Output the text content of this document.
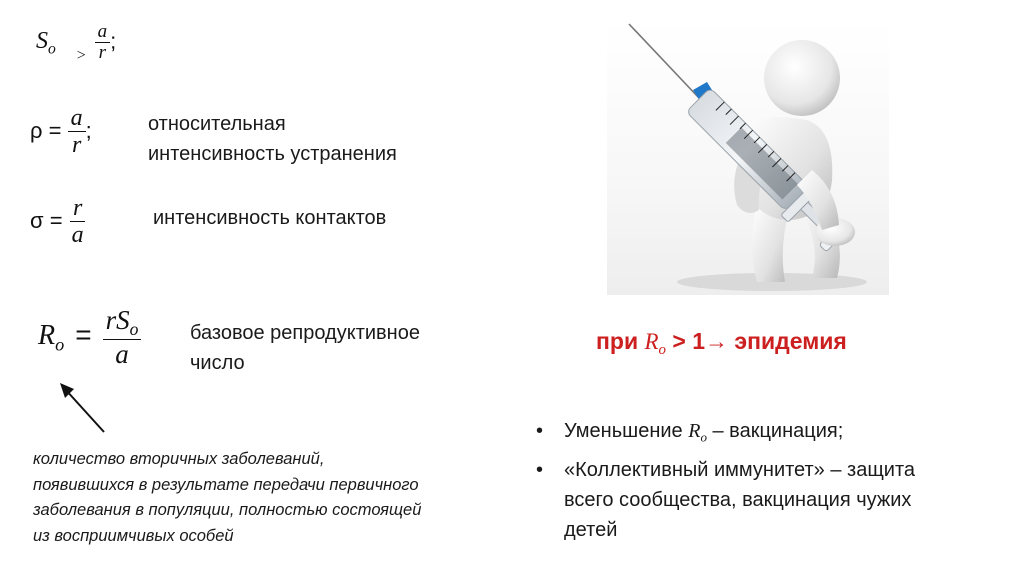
$S_o$ $_> \frac{a}{r}$ ;
$\rho = \frac{a}{r}$ ;	относительная
интенсивность устранения
$\sigma = \frac{r}{a}$	интенсивность контактов
$R_o = \frac{rS_o}{a}$ базовое репродуктивное
число
количество вторичных заболеваний,
появившихся в результате передачи первичного
заболевания в популяции, полностью состоящей
из восприимчивых особей
при $R_o > 1\to$ эпидемия
• Уменьшение $R_o$ – вакцинация;
• «Коллективный иммунитет» – защита
всего сообщества, вакцинация чужих
детей
